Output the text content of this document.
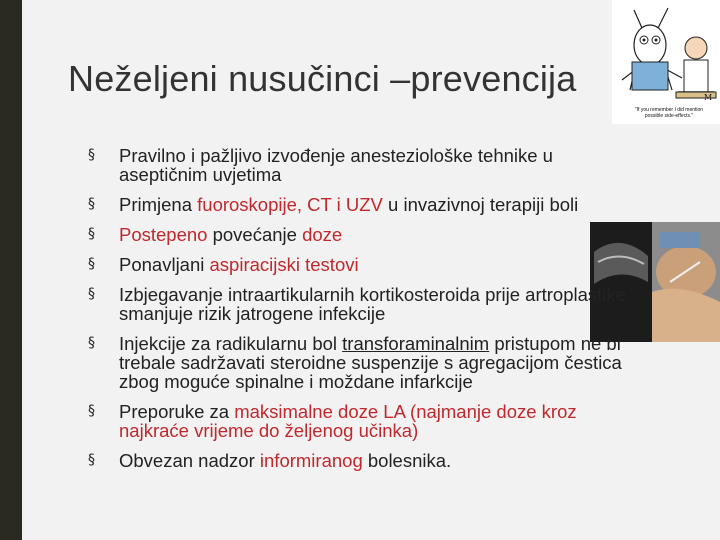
Neželjeni nusučinci –prevencija	M
"If you remember I did mention possible side-effects."
§ Pravilno i pažljivo izvođenje anesteziološke tehnike u aseptičnim uvjetima
§ Primjena fuoroskopije, CT i UZV u invazivnoj terapiji boli
§ Postepeno povećanje doze
§ Ponavljani aspiracijski testovi
§ Izbjegavanje intraartikularnih kortikosteroida prije artroplastike smanjuje rizik jatrogene infekcije
§ Injekcije za radikularnu bol transforaminalnim pristupom ne bi trebale sadržavati steroidne suspenzije s agregacijom čestica zbog moguće spinalne i moždane infarkcije
§ Preporuke za maksimalne doze LA (najmanje doze kroz najkraće vrijeme do željenog učinka)
§ Obvezan nadzor informiranog bolesnika.
